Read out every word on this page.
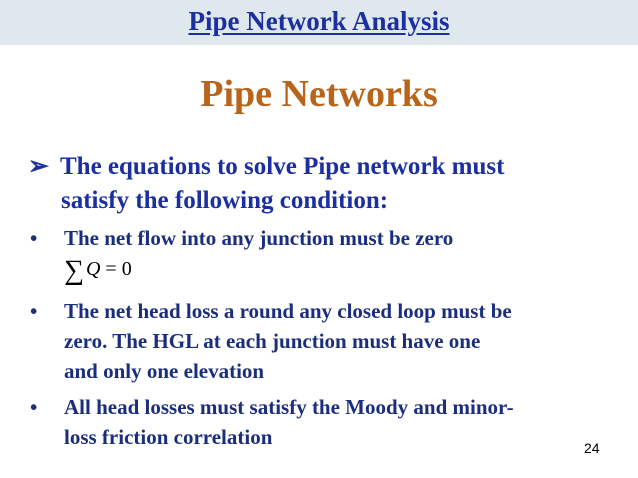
Pipe Network Analysis
Pipe Networks
➢ The equations to solve Pipe network must
satisfy the following condition:
•	The net flow into any junction must be zero
∑ Q = 0
•	The net head loss a round any closed loop must be
zero. The HGL at each junction must have one
and only one elevation
•	All head losses must satisfy the Moody and minor-
loss friction correlation	24
